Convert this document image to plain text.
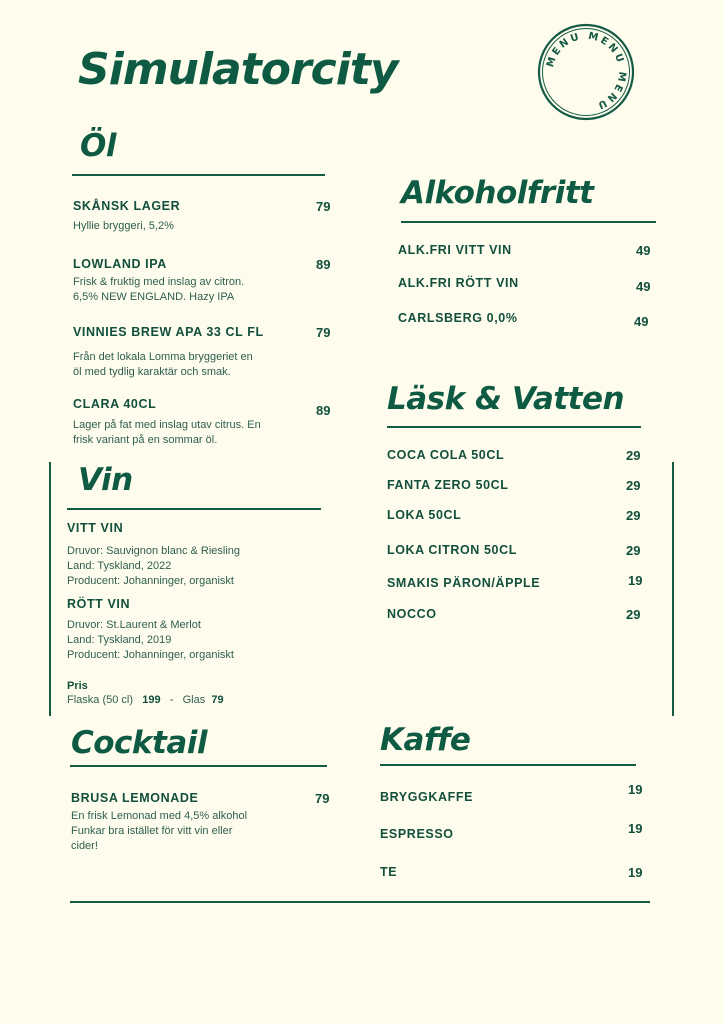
Simulatorcity	MENU MENU MENU
Öl
SKÅNSK LAGER	79
Hyllie bryggeri, 5,2%
LOWLAND IPA	89
Frisk & fruktig med inslag av citron.
6,5% NEW ENGLAND. Hazy IPA
VINNIES BREW APA 33 CL FL	79
Från det lokala Lomma bryggeriet en
öl med tydlig karaktär och smak.
CLARA 40CL	89
Lager på fat med inslag utav citrus. En
frisk variant på en sommar öl.
Vin
VITT VIN
Druvor: Sauvignon blanc & Riesling
Land: Tyskland, 2022
Producent: Johanninger, organiskt
RÖTT VIN
Druvor: St.Laurent & Merlot
Land: Tyskland, 2019
Producent: Johanninger, organiskt
Pris
Flaska (50 cl) 199 - Glas 79
Cocktail
BRUSA LEMONADE	79
En frisk Lemonad med 4,5% alkohol
Funkar bra istället för vitt vin eller
cider!
Alkoholfritt
ALK.FRI VITT VIN	49
ALK.FRI RÖTT VIN	49
CARLSBERG 0,0%	49
Läsk & Vatten
COCA COLA 50CL	29
FANTA ZERO 50CL	29
LOKA 50CL	29
LOKA CITRON 50CL	29
SMAKIS PÄRON/ÄPPLE	19
NOCCO	29
Kaffe
BRYGGKAFFE	19
ESPRESSO	19
TE	19
